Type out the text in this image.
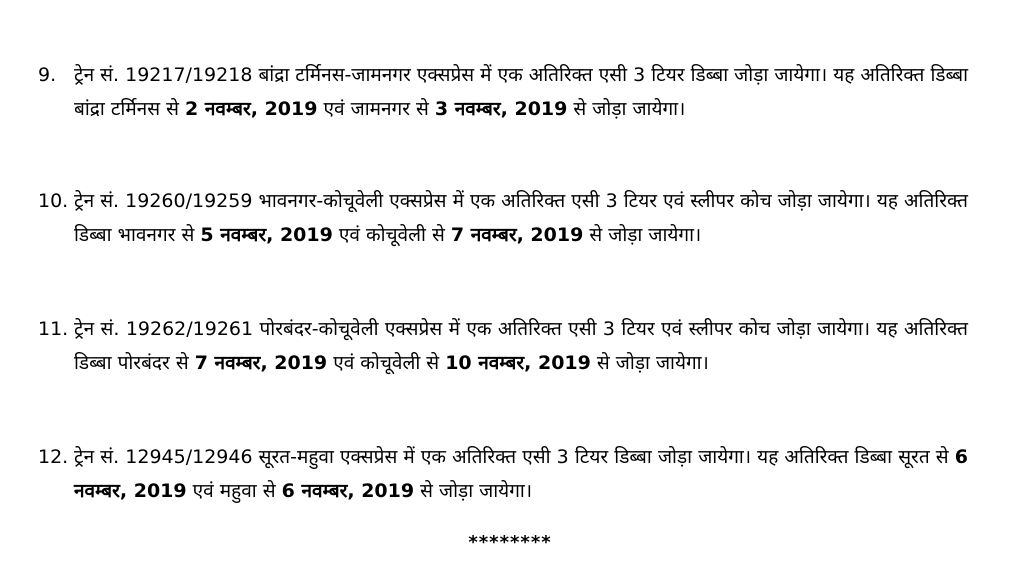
9. ट्रेन सं. 19217/19218 बांद्रा टर्मिनस-जामनगर एक्सप्रेस में एक अतिरिक्त एसी 3 टियर डिब्बा जोड़ा जायेगा। यह अतिरिक्त डिब्बा बांद्रा टर्मिनस से 2 नवम्बर, 2019 एवं जामनगर से 3 नवम्बर, 2019 से जोड़ा जायेगा।
10. ट्रेन सं. 19260/19259 भावनगर-कोचूवेली एक्सप्रेस में एक अतिरिक्त एसी 3 टियर एवं स्लीपर कोच जोड़ा जायेगा। यह अतिरिक्त डिब्बा भावनगर से 5 नवम्बर, 2019 एवं कोचूवेली से 7 नवम्बर, 2019 से जोड़ा जायेगा।
11. ट्रेन सं. 19262/19261 पोरबंदर-कोचूवेली एक्सप्रेस में एक अतिरिक्त एसी 3 टियर एवं स्लीपर कोच जोड़ा जायेगा। यह अतिरिक्त डिब्बा पोरबंदर से 7 नवम्बर, 2019 एवं कोचूवेली से 10 नवम्बर, 2019 से जोड़ा जायेगा।
12. ट्रेन सं. 12945/12946 सूरत-महुवा एक्सप्रेस में एक अतिरिक्त एसी 3 टियर डिब्बा जोड़ा जायेगा। यह अतिरिक्त डिब्बा सूरत से 6 नवम्बर, 2019 एवं महुवा से 6 नवम्बर, 2019 से जोड़ा जायेगा।
********
